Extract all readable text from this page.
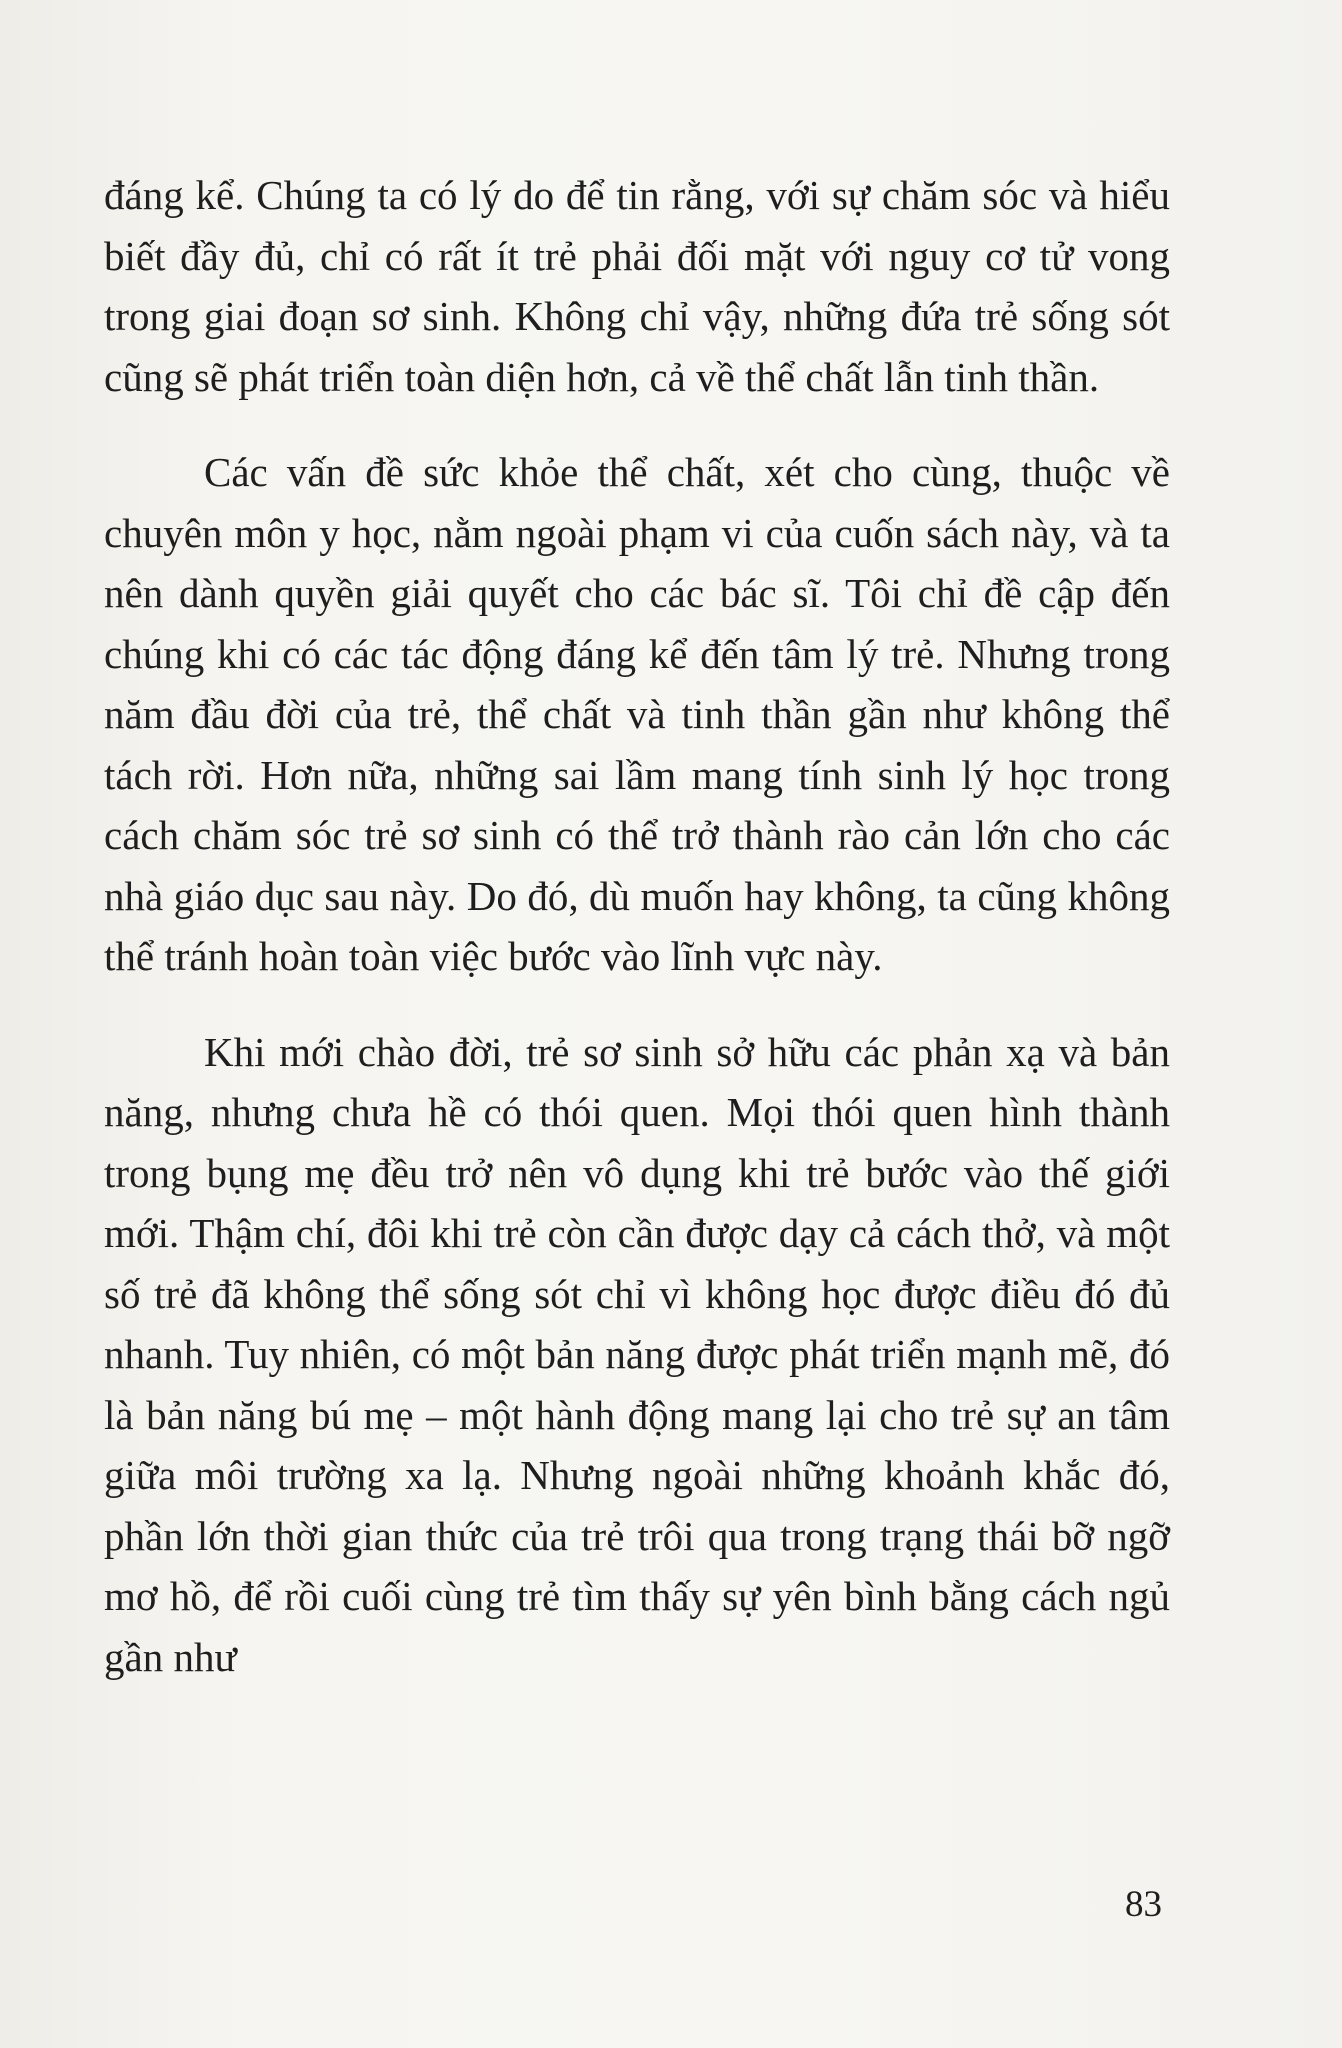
đáng kể. Chúng ta có lý do để tin rằng, với sự chăm sóc và hiểu biết đầy đủ, chỉ có rất ít trẻ phải đối mặt với nguy cơ tử vong trong giai đoạn sơ sinh. Không chỉ vậy, những đứa trẻ sống sót cũng sẽ phát triển toàn diện hơn, cả về thể chất lẫn tinh thần.

Các vấn đề sức khỏe thể chất, xét cho cùng, thuộc về chuyên môn y học, nằm ngoài phạm vi của cuốn sách này, và ta nên dành quyền giải quyết cho các bác sĩ. Tôi chỉ đề cập đến chúng khi có các tác động đáng kể đến tâm lý trẻ. Nhưng trong năm đầu đời của trẻ, thể chất và tinh thần gần như không thể tách rời. Hơn nữa, những sai lầm mang tính sinh lý học trong cách chăm sóc trẻ sơ sinh có thể trở thành rào cản lớn cho các nhà giáo dục sau này. Do đó, dù muốn hay không, ta cũng không thể tránh hoàn toàn việc bước vào lĩnh vực này.

Khi mới chào đời, trẻ sơ sinh sở hữu các phản xạ và bản năng, nhưng chưa hề có thói quen. Mọi thói quen hình thành trong bụng mẹ đều trở nên vô dụng khi trẻ bước vào thế giới mới. Thậm chí, đôi khi trẻ còn cần được dạy cả cách thở, và một số trẻ đã không thể sống sót chỉ vì không học được điều đó đủ nhanh. Tuy nhiên, có một bản năng được phát triển mạnh mẽ, đó là bản năng bú mẹ – một hành động mang lại cho trẻ sự an tâm giữa môi trường xa lạ. Nhưng ngoài những khoảnh khắc đó, phần lớn thời gian thức của trẻ trôi qua trong trạng thái bỡ ngỡ mơ hồ, để rồi cuối cùng trẻ tìm thấy sự yên bình bằng cách ngủ gần như

83
